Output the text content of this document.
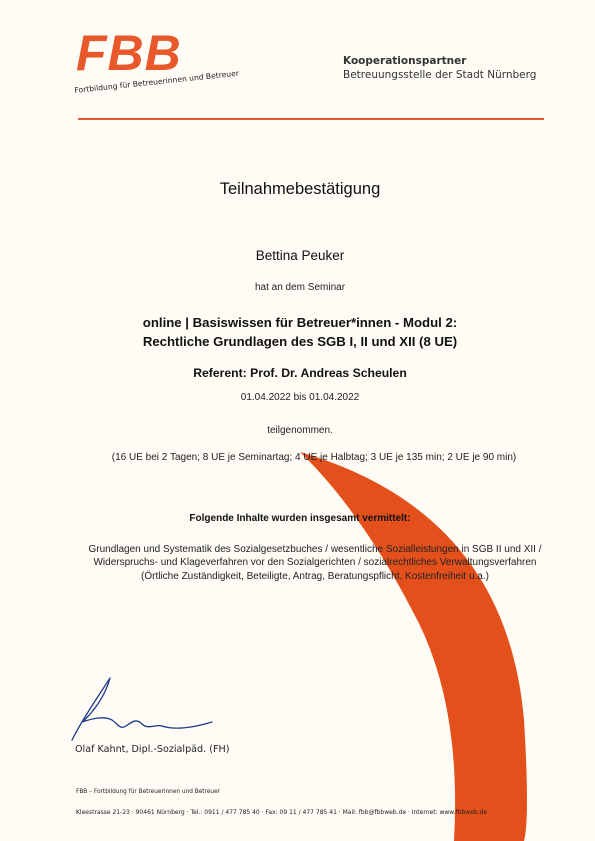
FBB
Fortbildung für Betreuerinnen und Betreuer
Kooperationspartner
Betreuungsstelle der Stadt Nürnberg
Teilnahmebestätigung
Bettina Peuker
hat an dem Seminar
online | Basiswissen für Betreuer*innen - Modul 2:
Rechtliche Grundlagen des SGB I, II und XII (8 UE)
Referent: Prof. Dr. Andreas Scheulen
01.04.2022 bis 01.04.2022
teilgenommen.
(16 UE bei 2 Tagen; 8 UE je Seminartag; 4 UE je Halbtag; 3 UE je 135 min; 2 UE je 90 min)
Folgende Inhalte wurden insgesamt vermittelt:
Grundlagen und Systematik des Sozialgesetzbuches / wesentliche Sozialleistungen in SGB II und XII / Widerspruchs- und Klageverfahren vor den Sozialgerichten / sozialrechtliches Verwaltungsverfahren (Örtliche Zuständigkeit, Beteiligte, Antrag, Beratungspflicht, Kostenfreiheit u.a.)
Olaf Kahnt, Dipl.-Sozialpäd. (FH)
FBB – Fortbildung für Betreuerinnen und Betreuer
Kleestrasse 21-23 · 90461 Nürnberg · Tel.: 0911 / 477 785 40 · Fax: 09 11 / 477 785 41 · Mail: fbb@fbbweb.de · Internet: www.fbbweb.de
